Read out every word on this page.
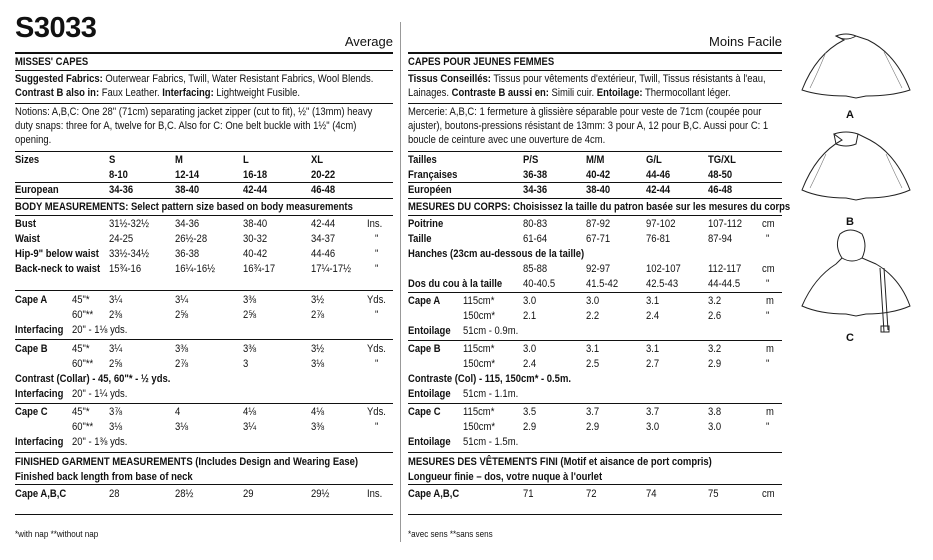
S3033	Average
MISSES' CAPES
Suggested Fabrics: Outerwear Fabrics, Twill, Water Resistant Fabrics, Wool Blends.
Contrast B also in: Faux Leather. Interfacing: Lightweight Fusible.
Notions: A,B,C: One 28" (71cm) separating jacket zipper (cut to fit), ½" (13mm) heavy
duty snaps: three for A, twelve for B,C. Also for C: One belt buckle with 1½" (4cm)
opening.
Sizes	S	M	L	XL
8-10	12-14	16-18	20-22
European	34-36	38-40	42-44	46-48
BODY MEASUREMENTS: Select pattern size based on body measurements
Bust	31½-32½ 34-36	38-40	42-44	Ins.
Waist	24-25	26½-28	30-32	34-37	"
Hip-9" below waist 33½-34½ 36-38	40-42	44-46	"
Back-neck to waist 15¾-16	16¼-16½	16¾-17	17¼-17½ "
Cape A 45"* 3¼	3¼	3⅜	3½	Yds.
60"** 2⅜	2⅝	2⅝	2⅞	"
Interfacing 20" - 1⅛ yds.
Cape B 45"* 3¼	3⅜	3⅜	3½	Yds.
60"** 2⅝	2⅞	3	3⅛	"
Contrast (Collar) - 45, 60"* - ½ yds.
Interfacing 20" - 1¼ yds.
Cape C 45"* 3⅞	4	4⅛	4⅛	Yds.
60"** 3⅛	3⅛	3¼	3⅜	"
Interfacing 20" - 1⅜ yds.
FINISHED GARMENT MEASUREMENTS (Includes Design and Wearing Ease)
Finished back length from base of neck
Cape A,B,C	28	28½	29	29½	Ins.
*with nap **without nap
Moins Facile
CAPES POUR JEUNES FEMMES
Tissus Conseillés: Tissus pour vêtements d'extérieur, Twill, Tissus résistants à l'eau,
Lainages. Contraste B aussi en: Simili cuir. Entoilage: Thermocollant léger.
Mercerie: A,B,C: 1 fermeture à glissière séparable pour veste de 71cm (coupée pour
ajuster), boutons-pressions résistant de 13mm: 3 pour A, 12 pour B,C. Aussi pour C: 1
boucle de ceinture avec une ouverture de 4cm.
Tailles	P/S	M/M	G/L	TG/XL
Françaises	36-38	40-42	44-46	48-50
Européen	34-36	38-40	42-44	46-48
MESURES DU CORPS: Choisissez la taille du patron basée sur les mesures du corps
Poitrine	80-83	87-92	97-102	107-112 cm
Taille	61-64	67-71	76-81	87-94	"
Hanches (23cm au-dessous de la taille)
85-88	92-97	102-107 112-117 cm
Dos du cou à la taille 40-40.5	41.5-42	42.5-43	44-44.5 "
Cape A 115cm*	3.0	3.0	3.1	3.2	m
150cm*	2.1	2.2	2.4	2.6	"
Entoilage 51cm - 0.9m.
Cape B 115cm*	3.0	3.1	3.1	3.2	m
150cm*	2.4	2.5	2.7	2.9	"
Contraste (Col) - 115, 150cm* - 0.5m.
Entoilage 51cm - 1.1m.
Cape C 115cm*	3.5	3.7	3.7	3.8	m
150cm*	2.9	2.9	3.0	3.0	"
Entoilage 51cm - 1.5m.
MESURES DES VÊTEMENTS FINI (Motif et aisance de port compris)
Longueur finie – dos, votre nuque à l'ourlet
Cape A,B,C	71	72	74	75	cm
*avec sens **sans sens
A
B
C
